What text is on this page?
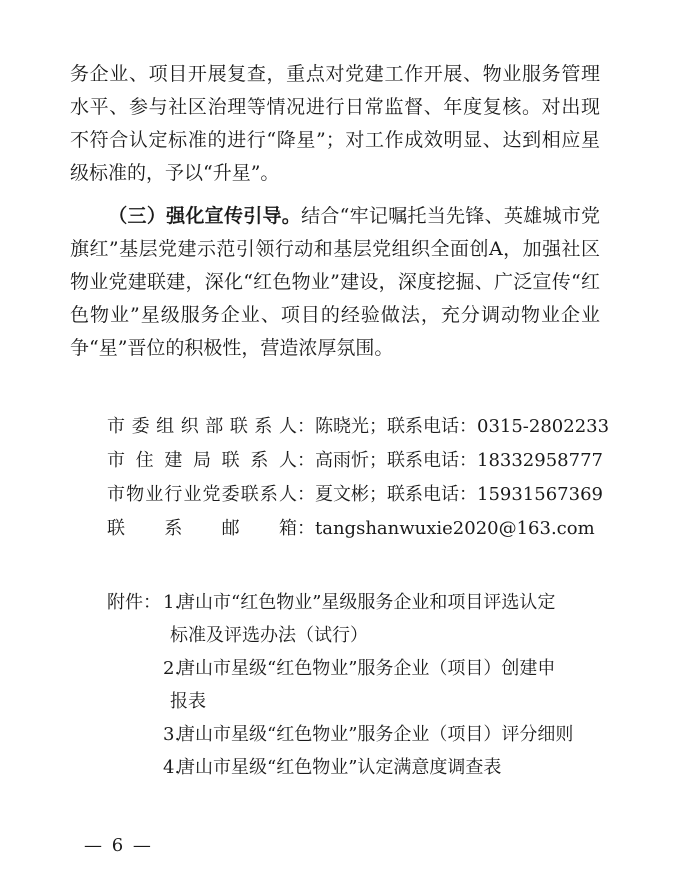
务企业、项目开展复查，重点对党建工作开展、物业服务管理水平、参与社区治理等情况进行日常监督、年度复核。对出现不符合认定标准的进行“降星”；对工作成效明显、达到相应星级标准的，予以“升星”。

（三）强化宣传引导。结合“牢记嘱托当先锋、英雄城市党旗红”基层党建示范引领行动和基层党组织全面创A，加强社区物业党建联建，深化“红色物业”建设，深度挖掘、广泛宣传“红色物业”星级服务企业、项目的经验做法，充分调动物业企业争“星”晋位的积极性，营造浓厚氛围。

市委组织部联系人：陈晓光；联系电话：0315-2802233
市住建局联系人：高雨忻；联系电话：18332958777
市物业行业党委联系人：夏文彬；联系电话：15931567369
联系邮箱：tangshanwuxie2020@163.com
附件： 1.唐山市“红色物业”星级服务企业和项目评选认定
标准及评选办法（试行）
2.唐山市星级“红色物业”服务企业（项目）创建申
报表
3.唐山市星级“红色物业”服务企业（项目）评分细则
4.唐山市星级“红色物业”认定满意度调查表
— 6 —
